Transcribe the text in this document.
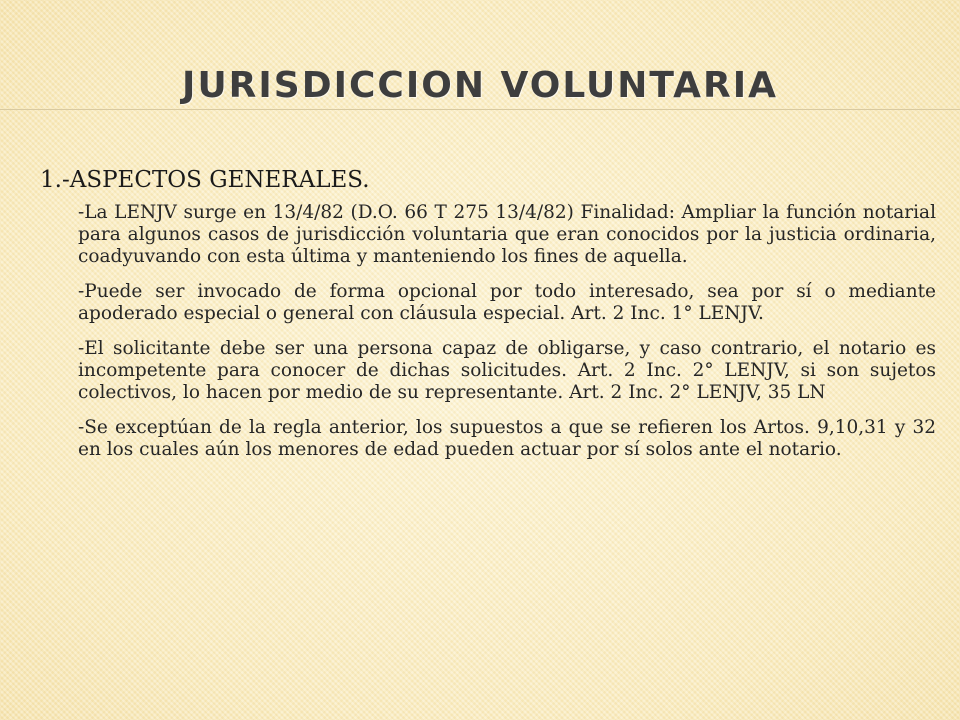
JURISDICCION VOLUNTARIA

1.-ASPECTOS GENERALES.

-La LENJV surge en 13/4/82 (D.O. 66 T 275 13/4/82) Finalidad: Ampliar la función notarial para algunos casos de jurisdicción voluntaria que eran conocidos por la justicia ordinaria, coadyuvando con esta última y manteniendo los fines de aquella.

-Puede ser invocado de forma opcional por todo interesado, sea por sí o mediante apoderado especial o general con cláusula especial. Art. 2 Inc. 1° LENJV.

-El solicitante debe ser una persona capaz de obligarse, y caso contrario, el notario es incompetente para conocer de dichas solicitudes. Art. 2 Inc. 2° LENJV, si son sujetos colectivos, lo hacen por medio de su representante. Art. 2 Inc. 2° LENJV, 35 LN

-Se exceptúan de la regla anterior, los supuestos a que se refieren los Artos. 9,10,31 y 32 en los cuales aún los menores de edad pueden actuar por sí solos ante el notario.
